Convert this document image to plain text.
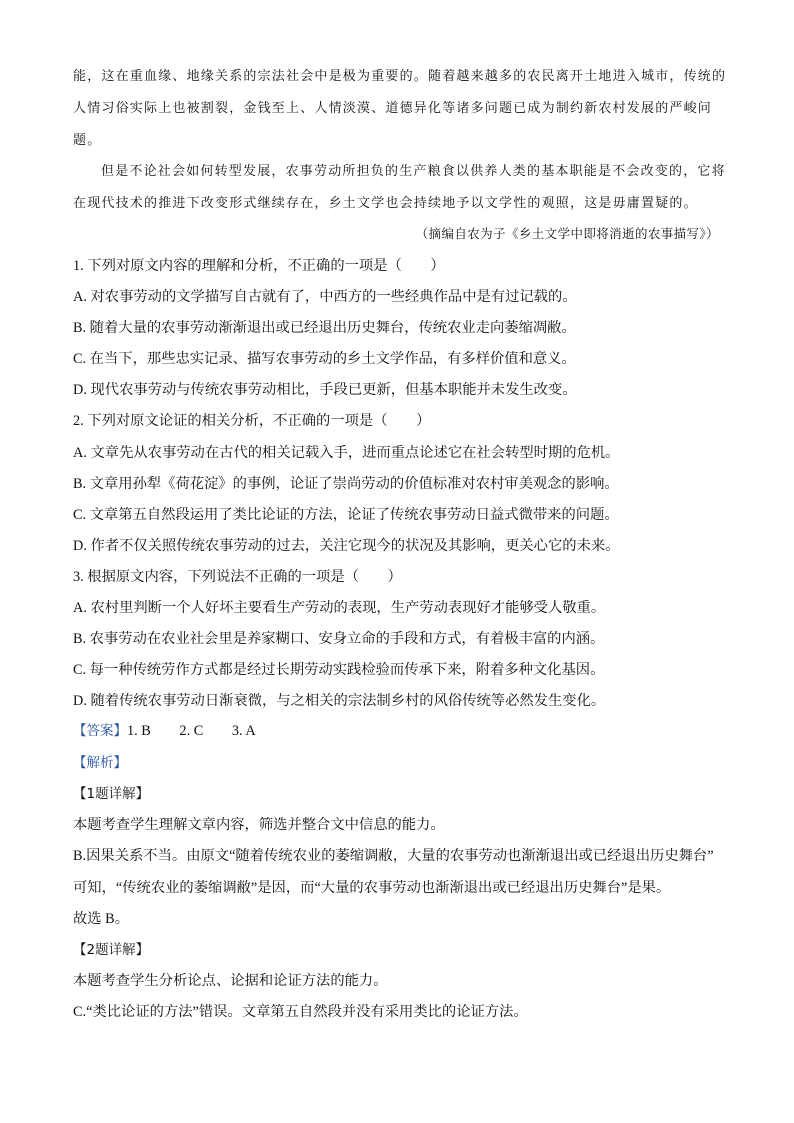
能，这在重血缘、地缘关系的宗法社会中是极为重要的。随着越来越多的农民离开土地进入城市，传统的
人情习俗实际上也被割裂，金钱至上、人情淡漠、道德异化等诸多问题已成为制约新农村发展的严峻问
题。
但是不论社会如何转型发展，农事劳动所担负的生产粮食以供养人类的基本职能是不会改变的，它将
在现代技术的推进下改变形式继续存在，乡土文学也会持续地予以文学性的观照，这是毋庸置疑的。
（摘编自农为子《乡土文学中即将消逝的农事描写》）
1. 下列对原文内容的理解和分析，不正确的一项是（　　）
A. 对农事劳动的文学描写自古就有了，中西方的一些经典作品中是有过记载的。
B. 随着大量的农事劳动渐渐退出或已经退出历史舞台，传统农业走向萎缩凋敝。
C. 在当下，那些忠实记录、描写农事劳动的乡土文学作品，有多样价值和意义。
D. 现代农事劳动与传统农事劳动相比，手段已更新，但基本职能并未发生改变。
2. 下列对原文论证的相关分析，不正确的一项是（　　）
A. 文章先从农事劳动在古代的相关记载入手，进而重点论述它在社会转型时期的危机。
B. 文章用孙犁《荷花淀》的事例，论证了崇尚劳动的价值标准对农村审美观念的影响。
C. 文章第五自然段运用了类比论证的方法，论证了传统农事劳动日益式微带来的问题。
D. 作者不仅关照传统农事劳动的过去，关注它现今的状况及其影响，更关心它的未来。
3. 根据原文内容，下列说法不正确的一项是（　　）
A. 农村里判断一个人好坏主要看生产劳动的表现，生产劳动表现好才能够受人敬重。
B. 农事劳动在农业社会里是养家糊口、安身立命的手段和方式，有着极丰富的内涵。
C. 每一种传统劳作方式都是经过长期劳动实践检验而传承下来，附着多种文化基因。
D. 随着传统农事劳动日渐衰微，与之相关的宗法制乡村的风俗传统等必然发生变化。
【答案】1. B　　2. C　　3. A
【解析】
【1题详解】
本题考查学生理解文章内容，筛选并整合文中信息的能力。
B.因果关系不当。由原文“随着传统农业的萎缩调敝，大量的农事劳动也渐渐退出或已经退出历史舞台”
可知，“传统农业的萎缩调敝”是因，而“大量的农事劳动也渐渐退出或已经退出历史舞台”是果。
故选 B。
【2题详解】
本题考查学生分析论点、论据和论证方法的能力。
C.“类比论证的方法”错误。文章第五自然段并没有采用类比的论证方法。
